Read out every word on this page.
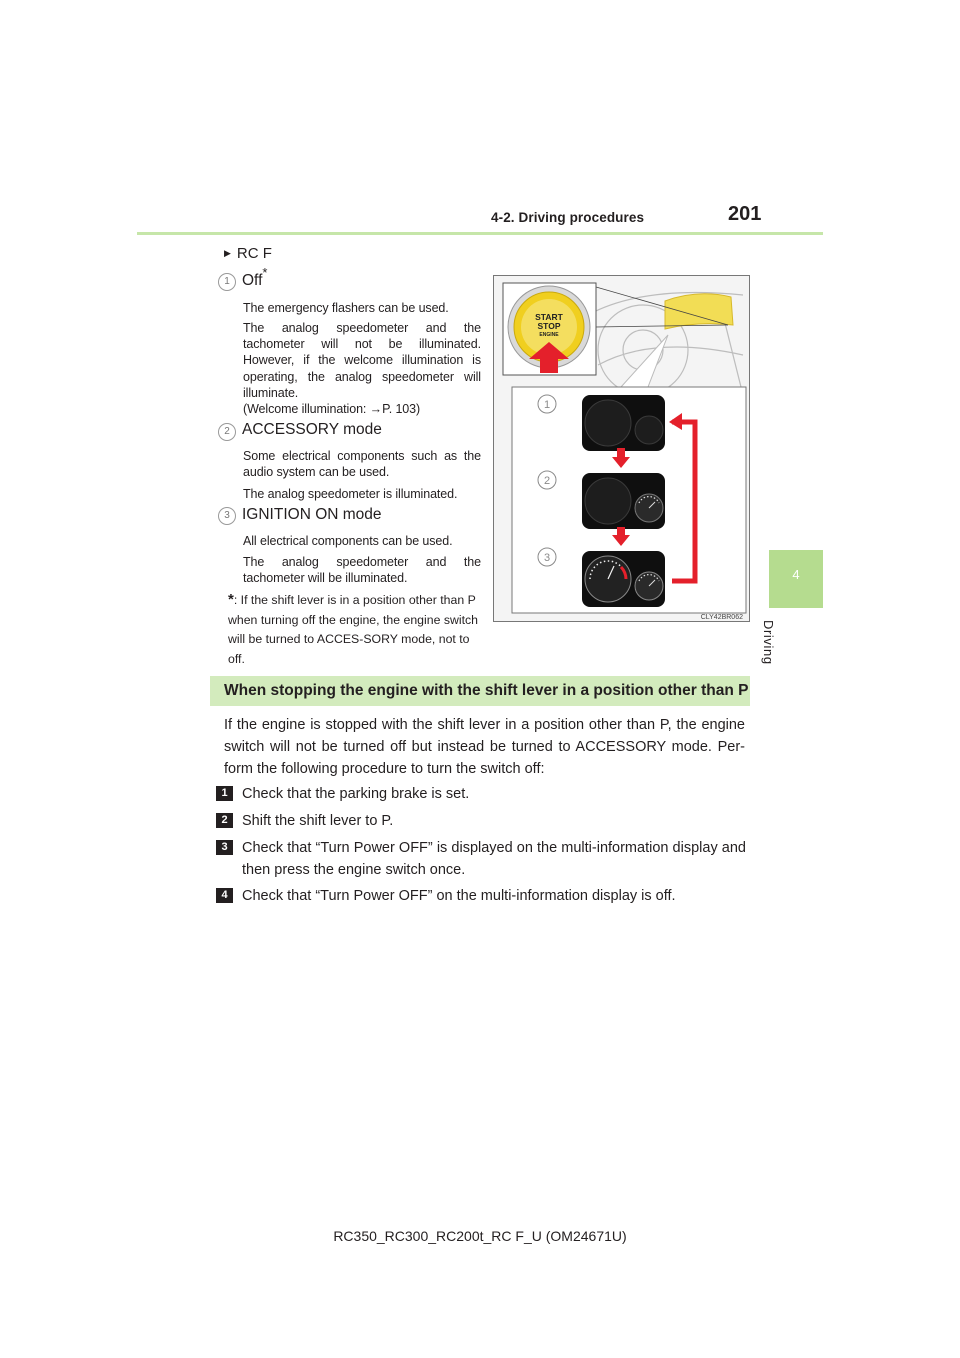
4-2. Driving procedures	201
4
Driving
▶ RC F
1 Off*
The emergency flashers can be used.
The analog speedometer and the tachometer will not be illuminated. However, if the welcome illumination is operating, the analog speedometer will illuminate.
(Welcome illumination: →P. 103)
2 ACCESSORY mode
Some electrical components such as the audio system can be used.
The analog speedometer is illuminated.
3 IGNITION ON mode
All electrical components can be used.
The analog speedometer and the tachometer will be illuminated.
*: If the shift lever is in a position other than P when turning off the engine, the engine switch will be turned to ACCES-SORY mode, not to off.
START
STOP
ENGINE
1
2
3
CLY42BR062
When stopping the engine with the shift lever in a position other than P
If the engine is stopped with the shift lever in a position other than P, the engine switch will not be turned off but instead be turned to ACCESSORY mode. Per-form the following procedure to turn the switch off:
1 Check that the parking brake is set.
2 Shift the shift lever to P.
3 Check that “Turn Power OFF” is displayed on the multi-information display and then press the engine switch once.
4 Check that “Turn Power OFF” on the multi-information display is off.
RC350_RC300_RC200t_RC F_U (OM24671U)
